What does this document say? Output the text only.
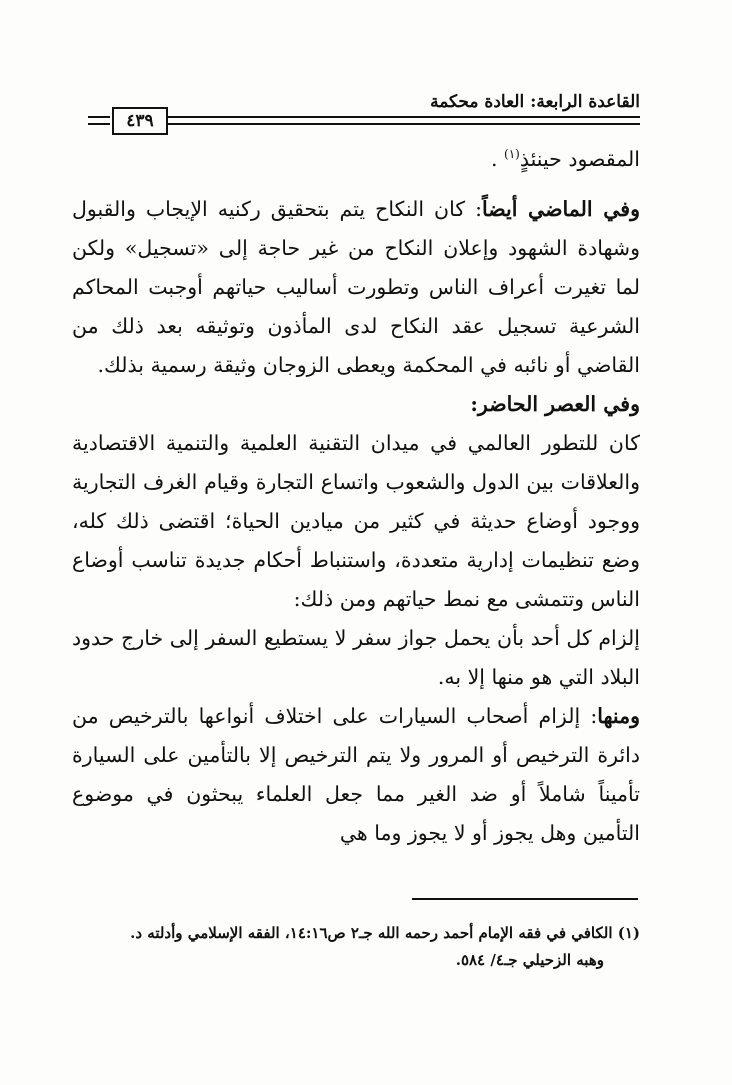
القاعدة الرابعة: العادة محكمة
٤٣٩

المقصود حينئذٍ$^{(١)}$ .

وفي الماضي أيضاً: كان النكاح يتم بتحقيق ركنيه الإيجاب والقبول وشهادة الشهود وإعلان النكاح من غير حاجة إلى «تسجيل» ولكن لما تغيرت أعراف الناس وتطورت أساليب حياتهم أوجبت المحاكم الشرعية تسجيل عقد النكاح لدى المأذون وتوثيقه بعد ذلك من القاضي أو نائبه في المحكمة ويعطى الزوجان وثيقة رسمية بذلك.

وفي العصر الحاضر:

كان للتطور العالمي في ميدان التقنية العلمية والتنمية الاقتصادية والعلاقات بين الدول والشعوب واتساع التجارة وقيام الغرف التجارية ووجود أوضاع حديثة في كثير من ميادين الحياة؛ اقتضى ذلك كله، وضع تنظيمات إدارية متعددة، واستنباط أحكام جديدة تناسب أوضاع الناس وتتمشى مع نمط حياتهم ومن ذلك:

إلزام كل أحد بأن يحمل جواز سفر لا يستطيع السفر إلى خارج حدود البلاد التي هو منها إلا به.

ومنها: إلزام أصحاب السيارات على اختلاف أنواعها بالترخيص من دائرة الترخيص أو المرور ولا يتم الترخيص إلا بالتأمين على السيارة تأميناً شاملاً أو ضد الغير مما جعل العلماء يبحثون في موضوع التأمين وهل يجوز أو لا يجوز وما هي

(١) الكافي في فقه الإمام أحمد رحمه الله جـ٢ ص١٤:١٦، الفقه الإسلامي وأدلته د.

وهبه الزحيلي جـ٤/ ٥٨٤.
